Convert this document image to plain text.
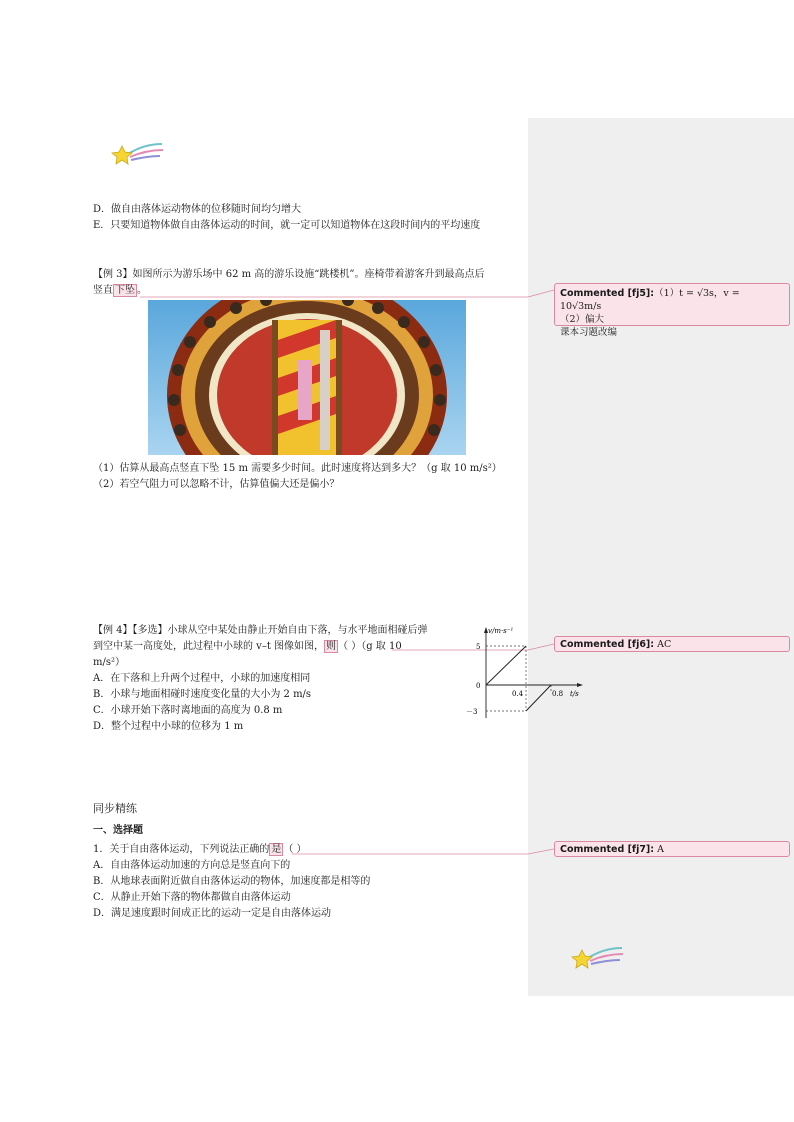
D．做自由落体运动物体的位移随时间均匀增大
E．只要知道物体做自由落体运动的时间，就一定可以知道物体在这段时间内的平均速度
【例 3】如图所示为游乐场中 62 m 高的游乐设施“跳楼机”。座椅带着游客升到最高点后
竖直 下坠 。
（1）估算从最高点竖直下坠 15 m 需要多少时间。此时速度将达到多大？（g 取 10 m/s²）
（2）若空气阻力可以忽略不计，估算值偏大还是偏小？
Commented [fj5]:（1）t = √3s，v = 10√3m/s
（2）偏大
课本习题改编
【例 4】【多选】小球从空中某处由静止开始自由下落，与水平地面相碰后弹
到空中某一高度处，此过程中小球的 v–t 图像如图， 则 （ ）（g 取 10
m/s²）
A．在下落和上升两个过程中，小球的加速度相同
B．小球与地面相碰时速度变化量的大小为 2 m/s
C．小球开始下落时离地面的高度为 0.8 m
D．整个过程中小球的位移为 1 m
v/m·s⁻¹
t/s
5
－3
0
0.4	0.8
Commented [fj6]: AC
同步精练
一、选择题
1．关于自由落体运动，下列说法正确的 是 （ ）
A．自由落体运动加速的方向总是竖直向下的
B．从地球表面附近做自由落体运动的物体，加速度都是相等的
C．从静止开始下落的物体都做自由落体运动
D．满足速度跟时间成正比的运动一定是自由落体运动
Commented [fj7]: A
